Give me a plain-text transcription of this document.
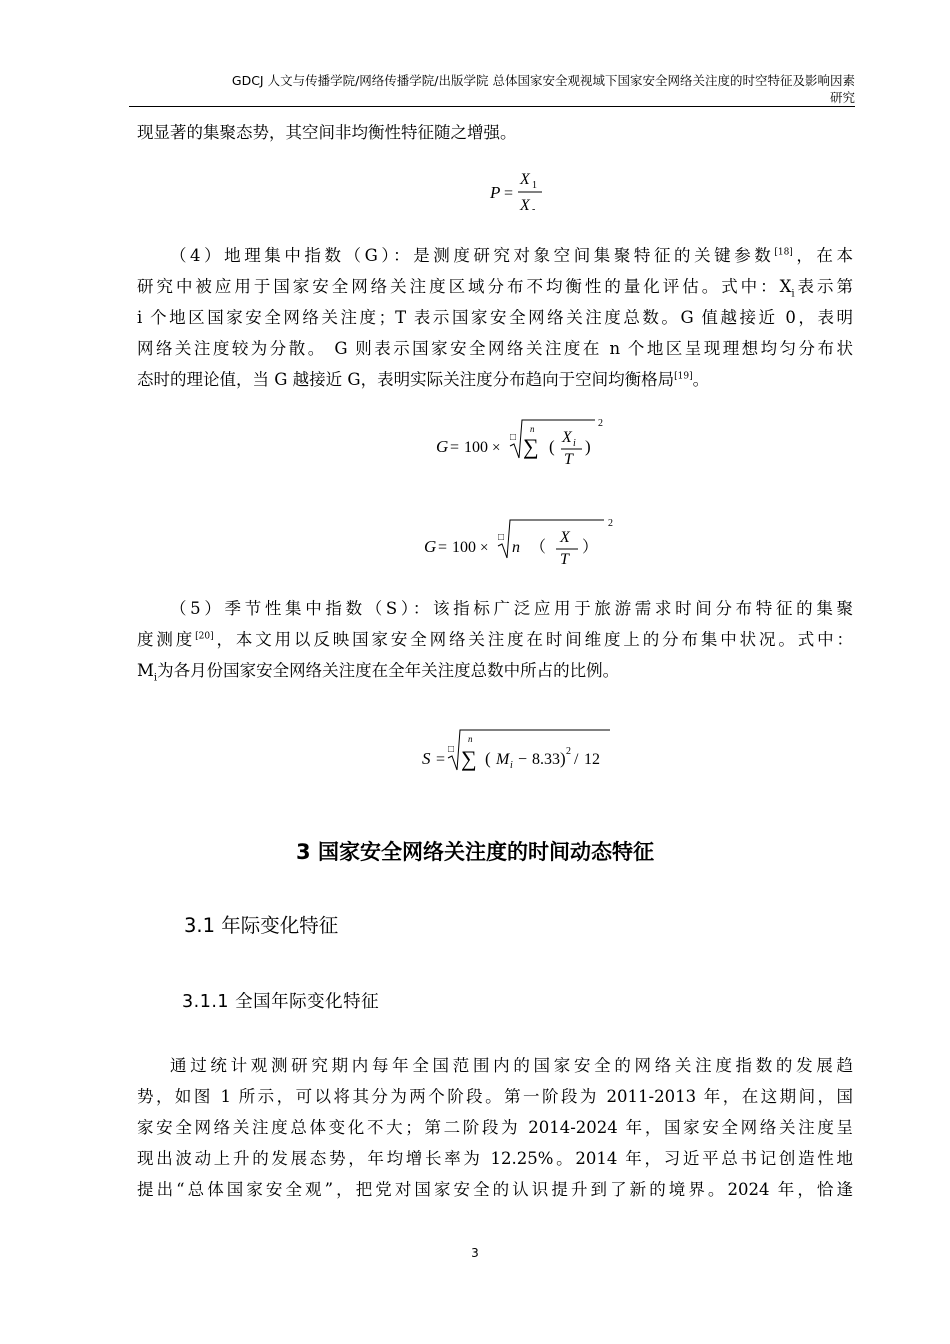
GDCJ 人文与传播学院/网络传播学院/出版学院 总体国家安全观视域下国家安全网络关注度的时空特征及影响因素
研究

现显著的集聚态势，其空间非均衡性特征随之增强。

P =
X 1
X -
（4）地理集中指数（G）：是测度研究对象空间集聚特征的关键参数[18]，在本
研究中被应用于国家安全网络关注度区域分布不均衡性的量化评估。式中：$X_i$表示第
i 个地区国家安全网络关注度；T 表示国家安全网络关注度总数。G 值越接近 0，表明
网络关注度较为分散。 G 则表示国家安全网络关注度在 n 个地区呈现理想均匀分布状
态时的理论值，当 G 越接近 G，表明实际关注度分布趋向于空间均衡格局[19]。
G = 100 ×
□
n
∑ ( X i
T
)
2
G = 100 ×
□
n （
X
T
）
2
（5）季节性集中指数（S）：该指标广泛应用于旅游需求时间分布特征的集聚
度测度[20]，本文用以反映国家安全网络关注度在时间维度上的分布集中状况。式中：
$M_i$为各月份国家安全网络关注度在全年关注度总数中所占的比例。
S =
□
n
∑ ( M i − 8.33 ) 2 / 12
3 国家安全网络关注度的时间动态特征
3.1 年际变化特征
3.1.1 全国年际变化特征
通过统计观测研究期内每年全国范围内的国家安全的网络关注度指数的发展趋
势，如图 1 所示，可以将其分为两个阶段。第一阶段为 2011-2013 年，在这期间，国
家安全网络关注度总体变化不大；第二阶段为 2014-2024 年，国家安全网络关注度呈
现出波动上升的发展态势，年均增长率为 12.25%。2014 年，习近平总书记创造性地
提出“总体国家安全观”，把党对国家安全的认识提升到了新的境界。2024 年，恰逢
3
